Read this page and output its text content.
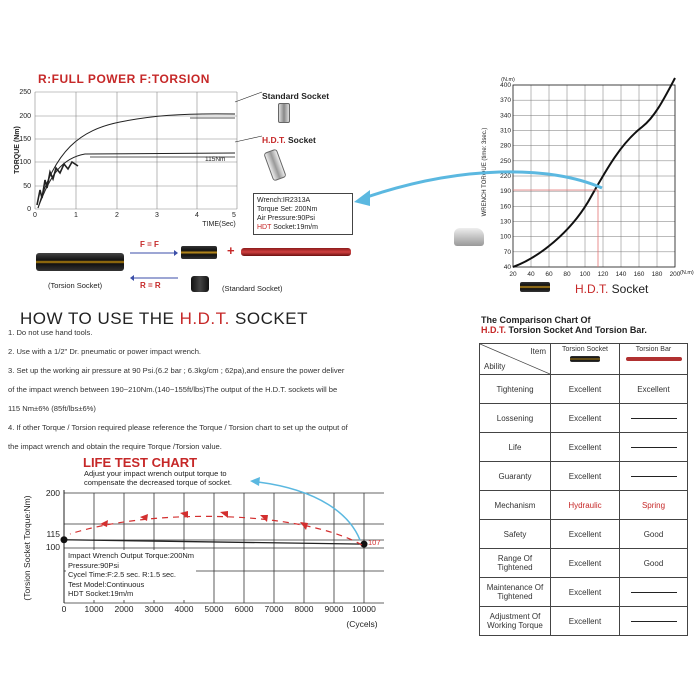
R:FULL POWER F:TORSION
250
200
150
100
50
0
0	1	2	3	4	5
TIME(Sec)
TORQUE (Nm)	115Nm
Standard Socket
H.D.T. Socket
Wrench:IR2313A
Torque Set: 200Nm
Air Pressure:90Psi
HDT Socket:19m/m
(Torsion Socket)
F = F
R = R
+
(Standard Socket)
400
370
340
310
280
250
220
190
160
130
100
70
40
20 40 60 80 100 120 140 160 180 200
(N.m)
(N.m)
WRENCH TORQUE (time: 3sec.)
H.D.T. Socket
HOW TO USE THE H.D.T. SOCKET
1. Do not use hand tools.
2. Use with a 1/2" Dr. pneumatic or power impact wrench.
3. Set up the working air pressure at 90 Psi.(6.2 bar ; 6.3kg/cm ; 62pa),and ensure the power deliver
of the impact wrench between 190~210Nm.(140~155ft/lbs)The output of the H.D.T. sockets will be
115 Nm±6% (85ft/lbs±6%)
4. If other Torque / Torsion required please reference the Torque / Torsion chart to set up the output of
the impact wrench and obtain the require Torque /Torsion value.
The Comparison Chart Of
H.D.T. Torsion Socket And Torsion Bar.
Item
Ability	Torsion Socket	Torsion Bar

Tightening	Excellent	Excellent
Lossening	Excellent	
Life	Excellent	
Guaranty	Excellent	
Mechanism	Hydraulic	Spring
Safety	Excellent	Good
Range Of Tightened	Excellent	Good
Maintenance Of Tightened	Excellent	
Adjustment Of Working Torque	Excellent	
LIFE TEST CHART
Adjust your impact wrench output torque to
compensate the decreased torque of socket.
200
115
100	107
0 1000 2000 3000 4000 5000 6000 7000 8000 9000 10000
(Cycels)
(Torsion Socket Torque:Nm)	Impact Wrench Output Torque:200Nm
Pressure:90Psi
Cycel Time:F:2.5 sec. R:1.5 sec.
Test Model:Continuous
HDT Socket:19m/m
